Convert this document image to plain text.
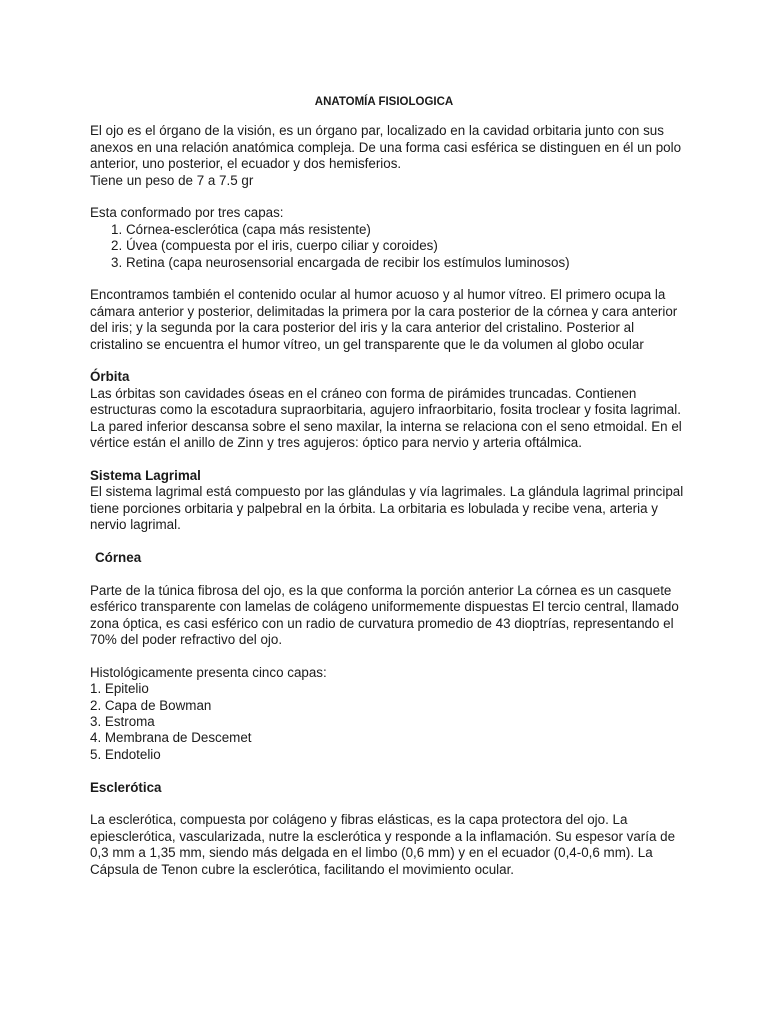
ANATOMÍA FISIOLOGICA

El ojo es el órgano de la visión, es un órgano par, localizado en la cavidad orbitaria junto con sus anexos en una relación anatómica compleja. De una forma casi esférica se distinguen en él un polo anterior, uno posterior, el ecuador y dos hemisferios.

Tiene un peso de 7 a 7.5 gr

Esta conformado por tres capas:

1. Córnea-esclerótica (capa más resistente)
2. Úvea (compuesta por el iris, cuerpo ciliar y coroides)
3. Retina (capa neurosensorial encargada de recibir los estímulos luminosos)

Encontramos también el contenido ocular al humor acuoso y al humor vítreo. El primero ocupa la cámara anterior y posterior, delimitadas la primera por la cara posterior de la córnea y cara anterior del iris; y la segunda por la cara posterior del iris y la cara anterior del cristalino. Posterior al cristalino se encuentra el humor vítreo, un gel transparente que le da volumen al globo ocular

Órbita

Las órbitas son cavidades óseas en el cráneo con forma de pirámides truncadas. Contienen estructuras como la escotadura supraorbitaria, agujero infraorbitario, fosita troclear y fosita lagrimal. La pared inferior descansa sobre el seno maxilar, la interna se relaciona con el seno etmoidal. En el vértice están el anillo de Zinn y tres agujeros: óptico para nervio y arteria oftálmica.

Sistema Lagrimal

El sistema lagrimal está compuesto por las glándulas y vía lagrimales. La glándula lagrimal principal tiene porciones orbitaria y palpebral en la órbita. La orbitaria es lobulada y recibe vena, arteria y nervio lagrimal.

Córnea

Parte de la túnica fibrosa del ojo, es la que conforma la porción anterior La córnea es un casquete esférico transparente con lamelas de colágeno uniformemente dispuestas El tercio central, llamado zona óptica, es casi esférico con un radio de curvatura promedio de 43 dioptrías, representando el 70% del poder refractivo del ojo.

Histológicamente presenta cinco capas:

1. Epitelio

2. Capa de Bowman

3. Estroma

4. Membrana de Descemet

5. Endotelio

Esclerótica

La esclerótica, compuesta por colágeno y fibras elásticas, es la capa protectora del ojo. La epiesclerótica, vascularizada, nutre la esclerótica y responde a la inflamación. Su espesor varía de 0,3 mm a 1,35 mm, siendo más delgada en el limbo (0,6 mm) y en el ecuador (0,4-0,6 mm). La Cápsula de Tenon cubre la esclerótica, facilitando el movimiento ocular.
